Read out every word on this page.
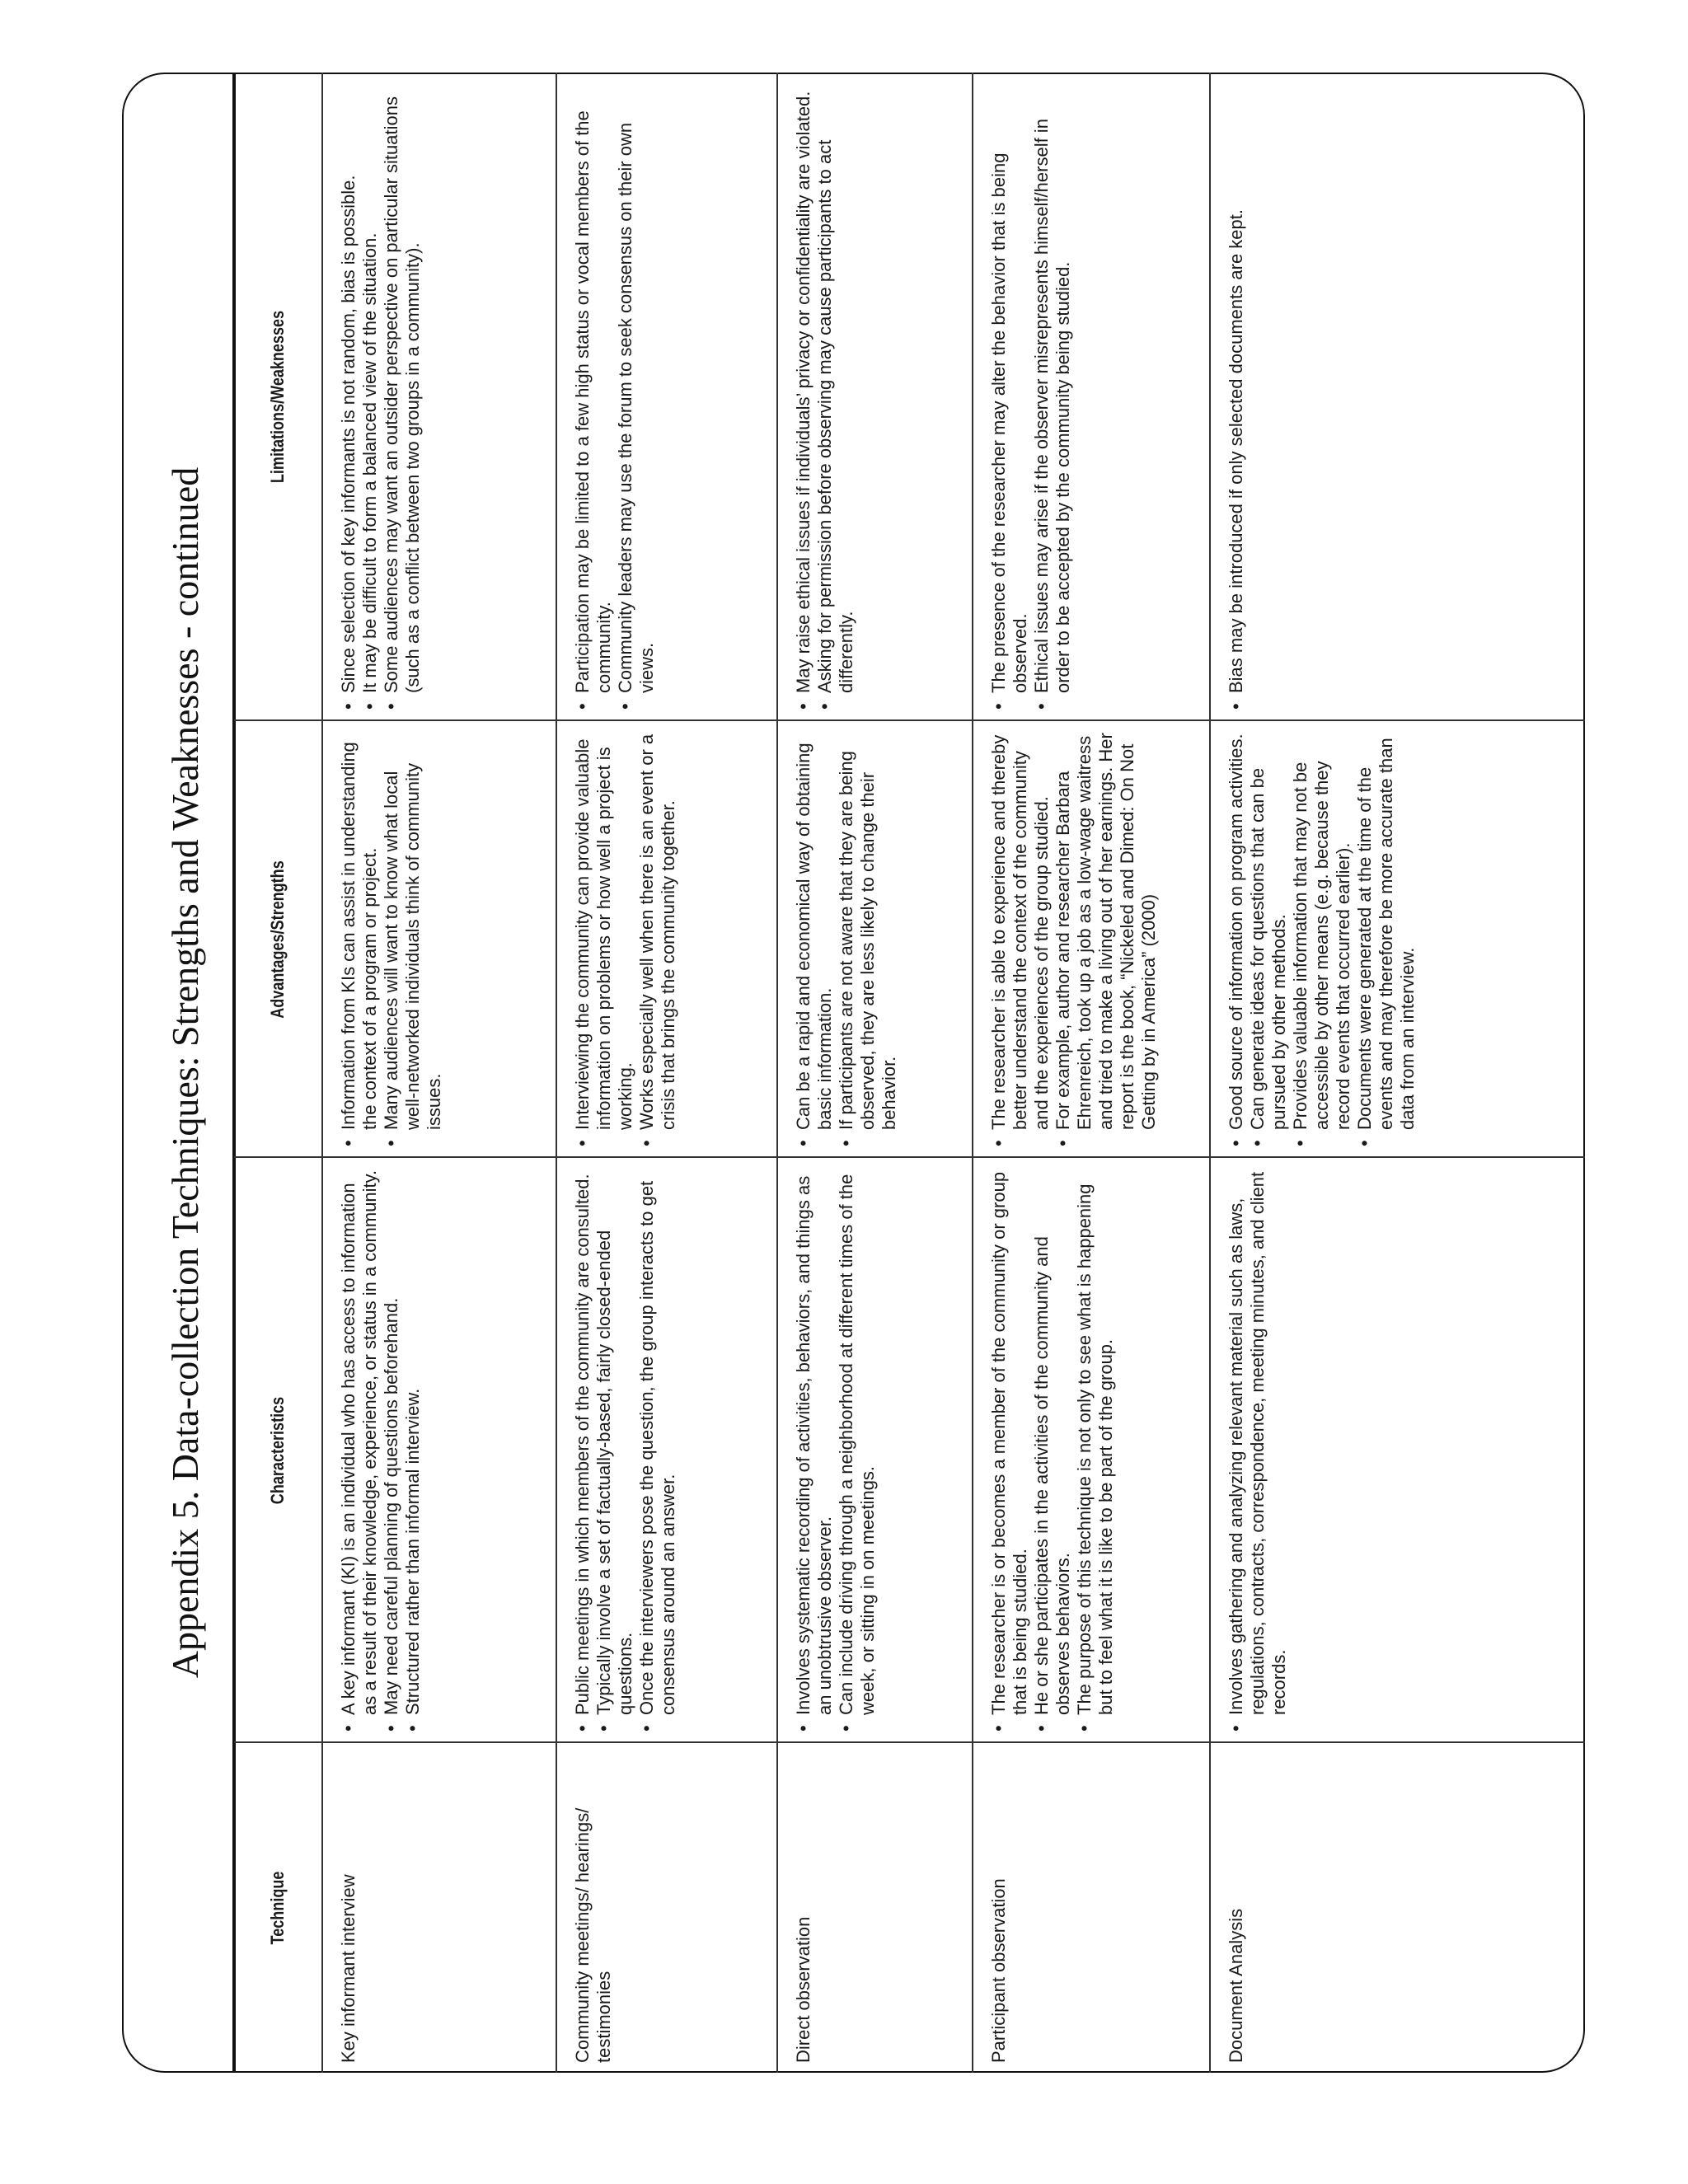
Appendix 5. Data-collection Techniques: Strengths and Weaknesses - continued
Technique
Characteristics
Advantages/Strengths
Limitations/Weaknesses
Key informant interview
• A key informant (KI) is an individual who has access to information as a result of their knowledge, experience, or status in a community. • May need careful planning of questions beforehand. • Structured rather than informal interview.
• Information from KIs can assist in understanding the context of a program or project. • Many audiences will want to know what local well-networked individuals think of community issues.
• Since selection of key informants is not random, bias is possible. • It may be difficult to form a balanced view of the situation. • Some audiences may want an outsider perspective on particular situations (such as a conflict between two groups in a community).
Community meetings/ hearings/ testimonies
• Public meetings in which members of the community are consulted. • Typically involve a set of factually-based, fairly closed-ended questions. • Once the interviewers pose the question, the group interacts to get consensus around an answer.
• Interviewing the community can provide valuable information on problems or how well a project is working. • Works especially well when there is an event or a crisis that brings the community together.
• Participation may be limited to a few high status or vocal members of the community. • Community leaders may use the forum to seek consensus on their own views.
Direct observation
• Involves systematic recording of activities, behaviors, and things as an unobtrusive observer. • Can include driving through a neighborhood at different times of the week, or sitting in on meetings.
• Can be a rapid and economical way of obtaining basic information. • If participants are not aware that they are being observed, they are less likely to change their behavior.
• May raise ethical issues if individuals’ privacy or confidentiality are violated. • Asking for permission before observing may cause participants to act differently.
Participant observation
• The researcher is or becomes a member of the community or group that is being studied. • He or she participates in the activities of the community and observes behaviors. • The purpose of this technique is not only to see what is happening but to feel what it is like to be part of the group.
• The researcher is able to experience and thereby better understand the context of the community and the experiences of the group studied. • For example, author and researcher Barbara Ehrenreich, took up a job as a low-wage waitress and tried to make a living out of her earnings. Her report is the book, “Nickeled and Dimed: On Not Getting by in America” (2000)
• The presence of the researcher may alter the behavior that is being observed. • Ethical issues may arise if the observer misrepresents himself/herself in order to be accepted by the community being studied.
Document Analysis
• Involves gathering and analyzing relevant material such as laws, regulations, contracts, correspondence, meeting minutes, and client records.
• Good source of information on program activities. • Can generate ideas for questions that can be pursued by other methods. • Provides valuable information that may not be accessible by other means (e.g. because they record events that occurred earlier). • Documents were generated at the time of the events and may therefore be more accurate than data from an interview.
• Bias may be introduced if only selected documents are kept.
